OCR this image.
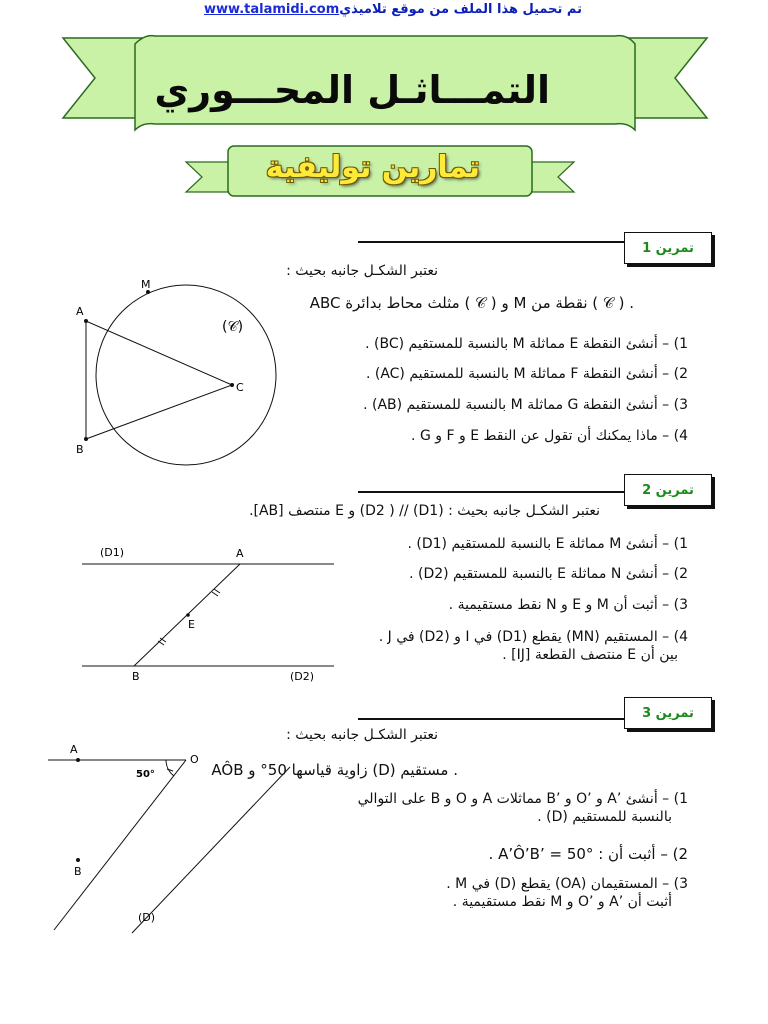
تم تحميل هذا الملف من موقع تلاميذي
www.talamidi.com
التمـــاثـل المحـــوري
تمارين توليفية
تمرين 1
نعتبر الشكـل جانبه بحيث :
ABC مثلث محاط بدائرة ( 𝒞 ) و M نقطة من ( 𝒞 ) .
1) – أنشئ النقطة E مماثلة M بالنسبة للمستقيم (BC) .
2) – أنشئ النقطة F مماثلة M بالنسبة للمستقيم (AC) .
3) – أنشئ النقطة G مماثلة M بالنسبة للمستقيم (AB) .
4) – ماذا يمكنك أن تقول عن النقط E و F و G .
A
B
C
M
(𝒞)
تمرين 2
نعتبر الشكـل جانبه بحيث : (D1) // ( D2) و E منتصف [AB].
1) – أنشئ M مماثلة E بالنسبة للمستقيم (D1) .
2) – أنشئ N مماثلة E بالنسبة للمستقيم (D2) .
3) – أثبت أن M و E و N نقط مستقيمية .
4) – المستقيم (MN) يقطع (D1) في I و (D2) في J .
بين أن E منتصف القطعة [IJ] .
(D1)
(D2)
A
B
E
تمرين 3
نعتبر الشكـل جانبه بحيث :
AÔB زاوية قياسها 50° و (D) مستقيم .
1) – أنشئ ’A و ’O و ’B مماثلات A و O و B على التوالي
بالنسبة للمستقيم (D) .
2) – أثبت أن : A’Ô’B’ = 50° .
3) – المستقيمان (OA) يقطع (D) في M .
أثبت أن ’A و ’O و M نقط مستقيمية .
A
O
B
50°
(D)
